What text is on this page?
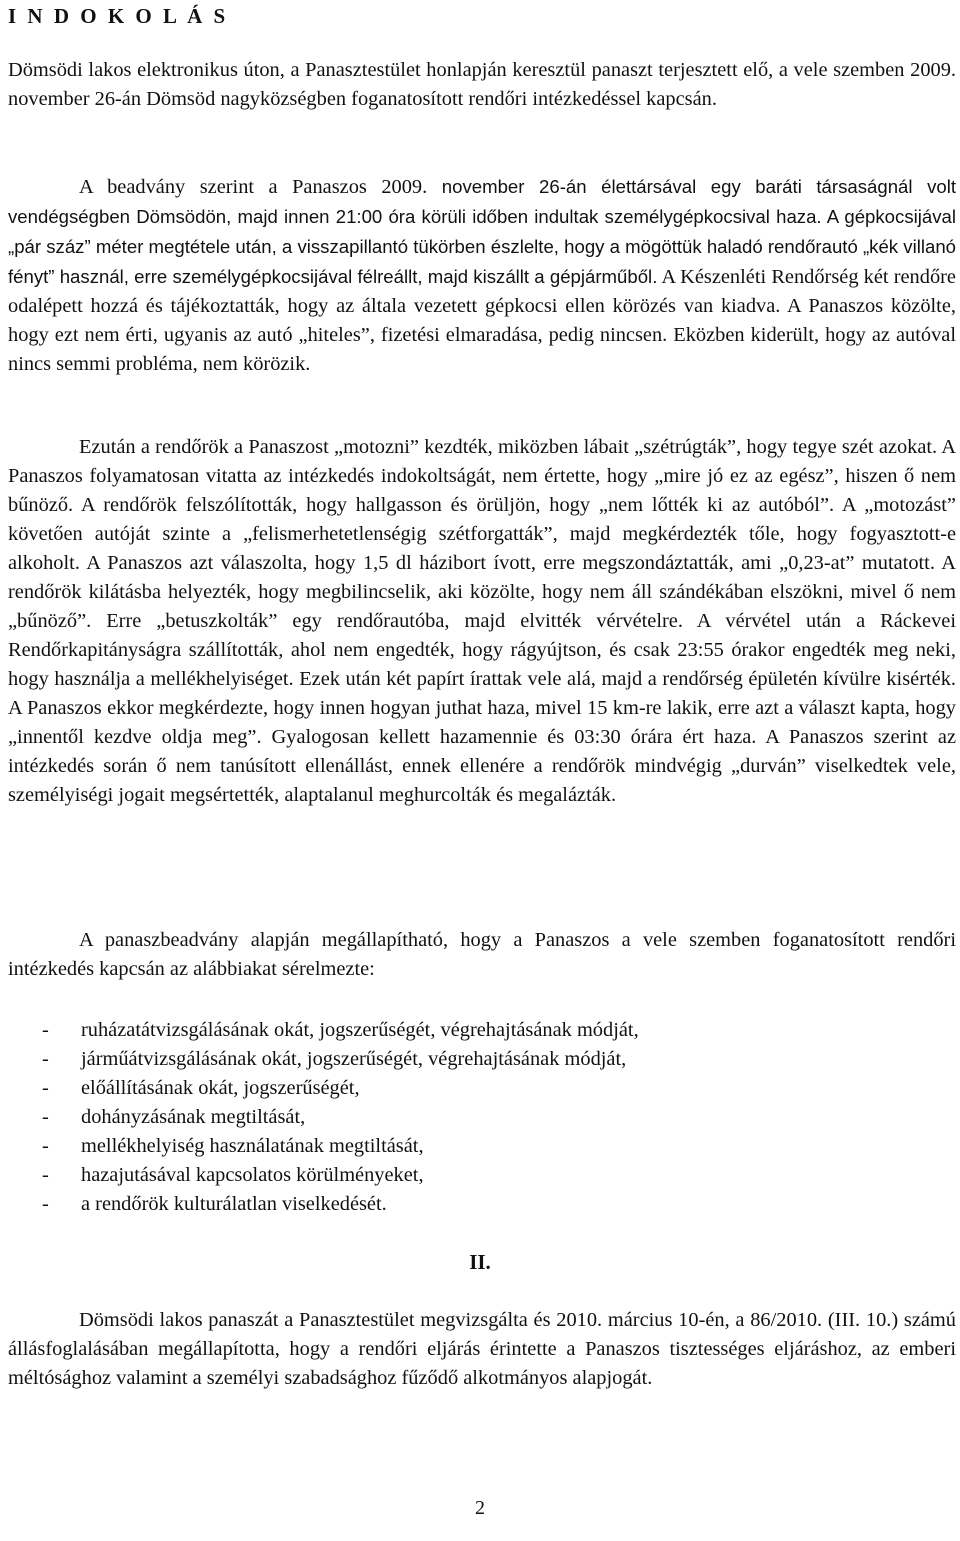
I N D O K O L Á S

Dömsödi lakos elektronikus úton, a Panasztestület honlapján keresztül panaszt terjesztett elő, a vele szemben 2009. november 26-án Dömsöd nagyközségben foganatosított rendőri intézkedéssel kapcsán.

A beadvány szerint a Panaszos 2009. november 26-án élettársával egy baráti társaságnál volt vendégségben Dömsödön, majd innen 21:00 óra körüli időben indultak személygépkocsival haza. A gépkocsijával „pár száz” méter megtétele után, a visszapillantó tükörben észlelte, hogy a mögöttük haladó rendőrautó „kék villanó fényt” használ, erre személygépkocsijával félreállt, majd kiszállt a gépjárműből. A Készenléti Rendőrség két rendőre odalépett hozzá és tájékoztatták, hogy az általa vezetett gépkocsi ellen körözés van kiadva. A Panaszos közölte, hogy ezt nem érti, ugyanis az autó „hiteles”, fizetési elmaradása, pedig nincsen. Eközben kiderült, hogy az autóval nincs semmi probléma, nem körözik.

Ezután a rendőrök a Panaszost „motozni” kezdték, miközben lábait „szétrúgták”, hogy tegye szét azokat. A Panaszos folyamatosan vitatta az intézkedés indokoltságát, nem értette, hogy „mire jó ez az egész”, hiszen ő nem bűnöző. A rendőrök felszólították, hogy hallgasson és örüljön, hogy „nem lőtték ki az autóból”. A „motozást” követően autóját szinte a „felismerhetetlenségig szétforgatták”, majd megkérdezték tőle, hogy fogyasztott-e alkoholt. A Panaszos azt válaszolta, hogy 1,5 dl házibort ívott, erre megszondáztatták, ami „0,23-at” mutatott. A rendőrök kilátásba helyezték, hogy megbilincselik, aki közölte, hogy nem áll szándékában elszökni, mivel ő nem „bűnöző”. Erre „betuszkolták” egy rendőrautóba, majd elvitték vérvételre. A vérvétel után a Ráckevei Rendőrkapitányságra szállították, ahol nem engedték, hogy rágyújtson, és csak 23:55 órakor engedték meg neki, hogy használja a mellékhelyiséget. Ezek után két papírt írattak vele alá, majd a rendőrség épületén kívülre kisérték. A Panaszos ekkor megkérdezte, hogy innen hogyan juthat haza, mivel 15 km-re lakik, erre azt a választ kapta, hogy „innentől kezdve oldja meg”. Gyalogosan kellett hazamennie és 03:30 órára ért haza. A Panaszos szerint az intézkedés során ő nem tanúsított ellenállást, ennek ellenére a rendőrök mindvégig „durván” viselkedtek vele, személyiségi jogait megsértették, alaptalanul meghurcolták és megalázták.

A panaszbeadvány alapján megállapítható, hogy a Panaszos a vele szemben foganatosított rendőri intézkedés kapcsán az alábbiakat sérelmezte:

- ruházatátvizsgálásának okát, jogszerűségét, végrehajtásának módját,
- járműátvizsgálásának okát, jogszerűségét, végrehajtásának módját,
- előállításának okát, jogszerűségét,
- dohányzásának megtiltását,
- mellékhelyiség használatának megtiltását,
- hazajutásával kapcsolatos körülményeket,
- a rendőrök kulturálatlan viselkedését.
II.

Dömsödi lakos panaszát a Panasztestület megvizsgálta és 2010. március 10-én, a 86/2010. (III. 10.) számú állásfoglalásában megállapította, hogy a rendőri eljárás érintette a Panaszos tisztességes eljáráshoz, az emberi méltósághoz valamint a személyi szabadsághoz fűződő alkotmányos alapjogát.

2
